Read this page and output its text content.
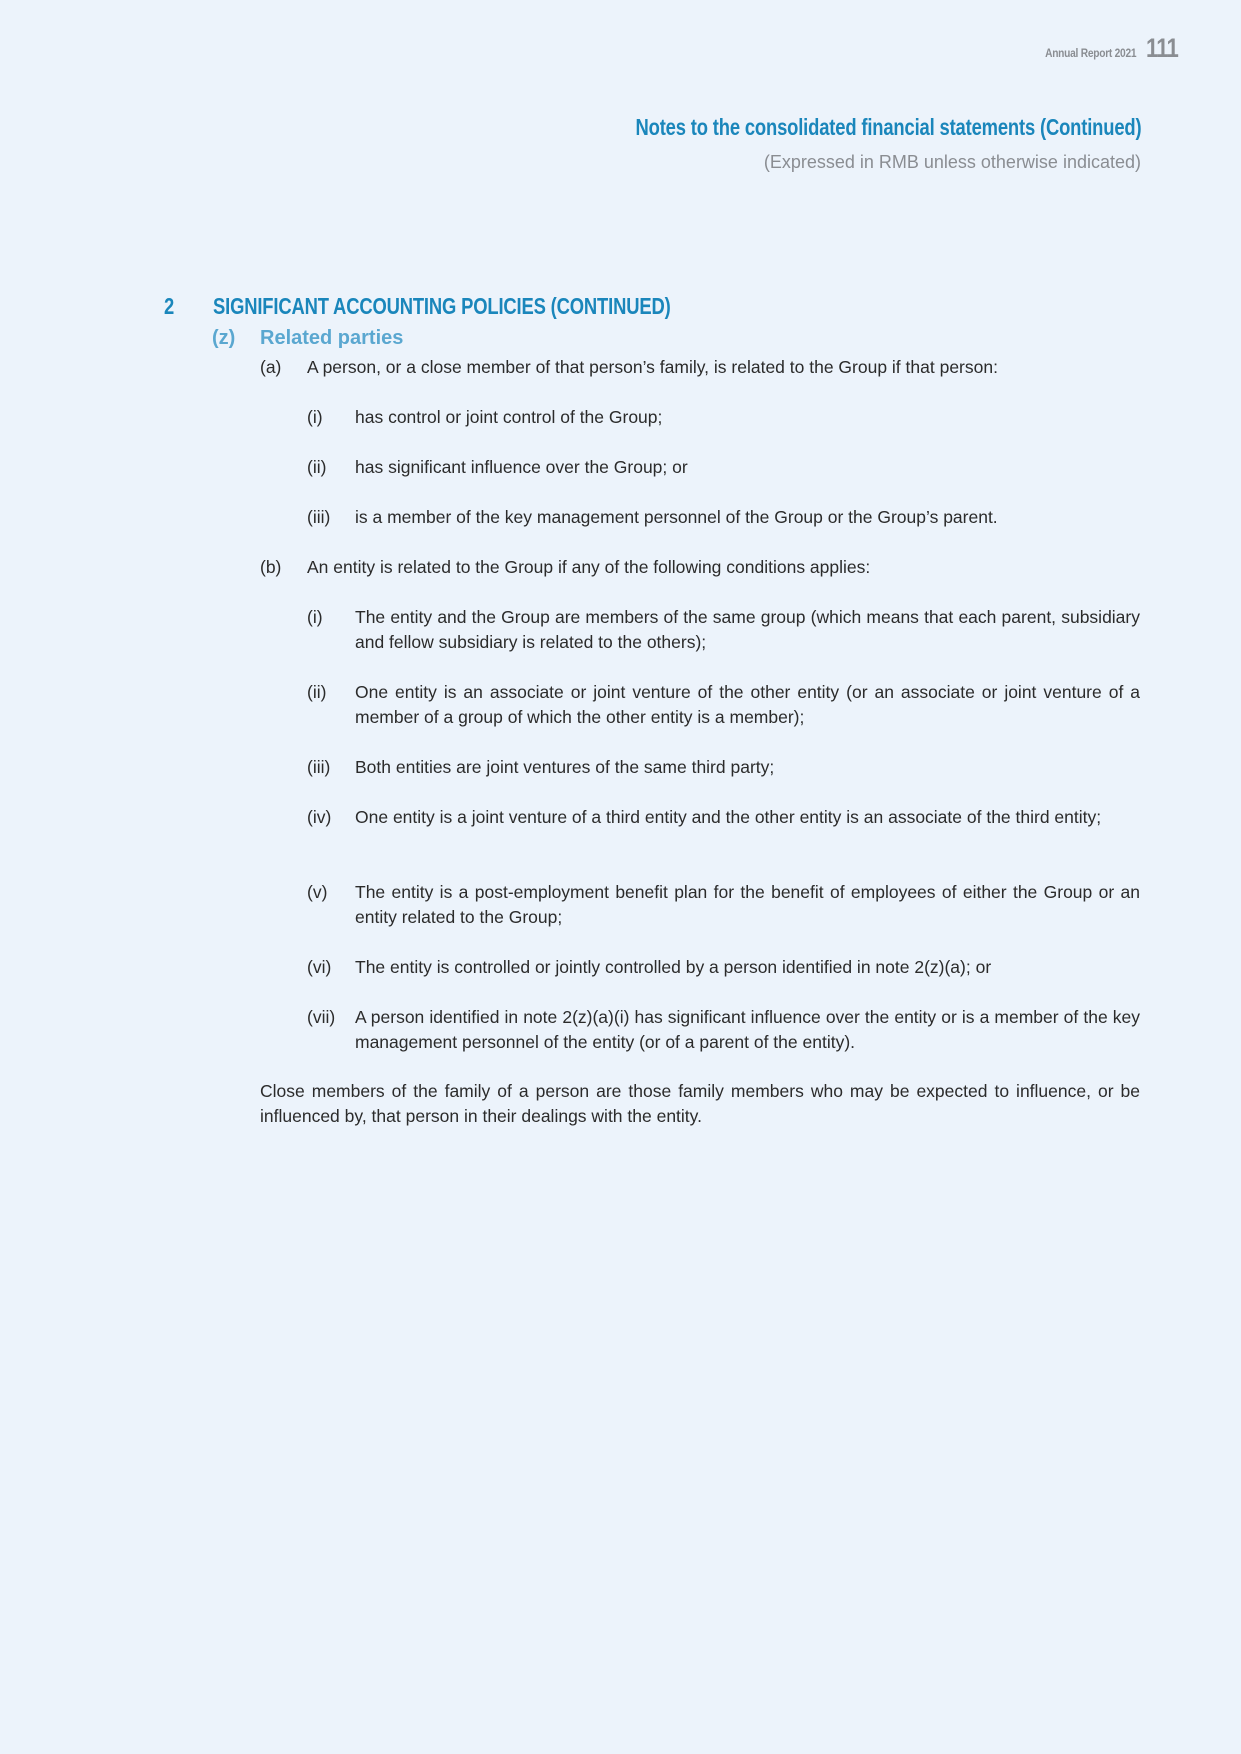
Annual Report 2021 111
Notes to the consolidated financial statements (Continued)
(Expressed in RMB unless otherwise indicated)
2 SIGNIFICANT ACCOUNTING POLICIES (CONTINUED)
(z) Related parties
(a) A person, or a close member of that person’s family, is related to the Group if that person:
(i) has control or joint control of the Group;
(ii) has significant influence over the Group; or
(iii) is a member of the key management personnel of the Group or the Group’s parent.
(b) An entity is related to the Group if any of the following conditions applies:
(i) The entity and the Group are members of the same group (which means that each parent, subsidiary and fellow subsidiary is related to the others);
(ii) One entity is an associate or joint venture of the other entity (or an associate or joint venture of a member of a group of which the other entity is a member);
(iii) Both entities are joint ventures of the same third party;
(iv) One entity is a joint venture of a third entity and the other entity is an associate of the third entity;
(v) The entity is a post-employment benefit plan for the benefit of employees of either the Group or an entity related to the Group;
(vi) The entity is controlled or jointly controlled by a person identified in note 2(z)(a); or
(vii) A person identified in note 2(z)(a)(i) has significant influence over the entity or is a member of the key management personnel of the entity (or of a parent of the entity).
Close members of the family of a person are those family members who may be expected to influence, or be influenced by, that person in their dealings with the entity.
